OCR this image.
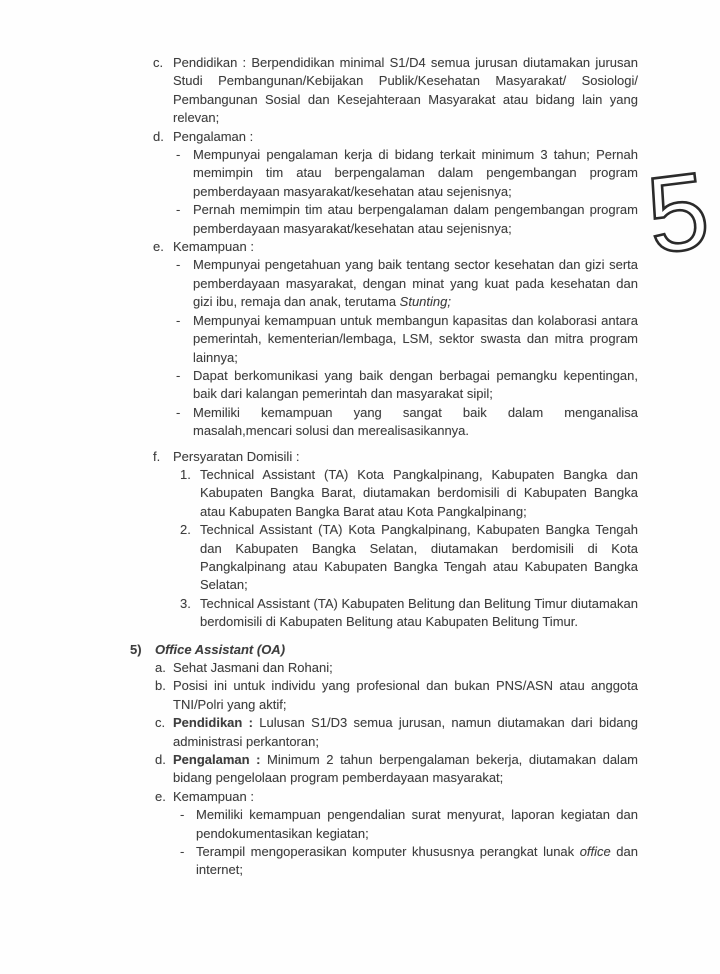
5
c. Pendidikan : Berpendidikan minimal S1/D4 semua jurusan diutamakan jurusan Studi Pembangunan/Kebijakan Publik/Kesehatan Masyarakat/ Sosiologi/ Pembangunan Sosial dan Kesejahteraan Masyarakat atau bidang lain yang relevan;

d. Pengalaman :

- Mempunyai pengalaman kerja di bidang terkait minimum 3 tahun; Pernah memimpin tim atau berpengalaman dalam pengembangan program pemberdayaan masyarakat/kesehatan atau sejenisnya;

- Pernah memimpin tim atau berpengalaman dalam pengembangan program pemberdayaan masyarakat/kesehatan atau sejenisnya;

e. Kemampuan :

- Mempunyai pengetahuan yang baik tentang sector kesehatan dan gizi serta pemberdayaan masyarakat, dengan minat yang kuat pada kesehatan dan gizi ibu, remaja dan anak, terutama Stunting;

- Mempunyai kemampuan untuk membangun kapasitas dan kolaborasi antara pemerintah, kementerian/lembaga, LSM, sektor swasta dan mitra program lainnya;

- Dapat berkomunikasi yang baik dengan berbagai pemangku kepentingan, baik dari kalangan pemerintah dan masyarakat sipil;

- Memiliki kemampuan yang sangat baik dalam menganalisa
masalah,mencari solusi dan merealisasikannya.

f. Persyaratan Domisili :

1. Technical Assistant (TA) Kota Pangkalpinang, Kabupaten Bangka dan Kabupaten Bangka Barat, diutamakan berdomisili di Kabupaten Bangka atau Kabupaten Bangka Barat atau Kota Pangkalpinang;

2. Technical Assistant (TA) Kota Pangkalpinang, Kabupaten Bangka Tengah dan Kabupaten Bangka Selatan, diutamakan berdomisili di Kota Pangkalpinang atau Kabupaten Bangka Tengah atau Kabupaten Bangka Selatan;

3. Technical Assistant (TA) Kabupaten Belitung dan Belitung Timur diutamakan berdomisili di Kabupaten Belitung atau Kabupaten Belitung Timur.

5)	Office Assistant (OA)
a. Sehat Jasmani dan Rohani;

b. Posisi ini untuk individu yang profesional dan bukan PNS/ASN atau anggota TNI/Polri yang aktif;

c. Pendidikan : Lulusan S1/D3 semua jurusan, namun diutamakan dari bidang administrasi perkantoran;

d. Pengalaman : Minimum 2 tahun berpengalaman bekerja, diutamakan dalam bidang pengelolaan program pemberdayaan masyarakat;

e. Kemampuan :

- Memiliki kemampuan pengendalian surat menyurat, laporan kegiatan dan pendokumentasikan kegiatan;

- Terampil mengoperasikan komputer khususnya perangkat lunak office dan internet;
